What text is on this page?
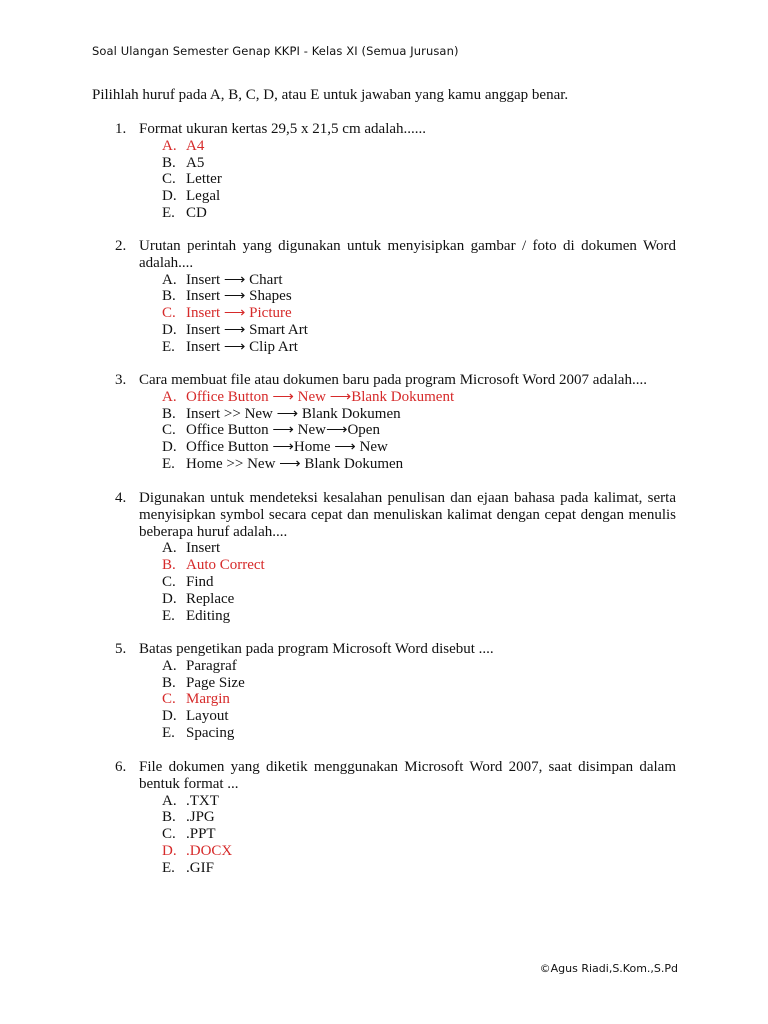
Soal Ulangan Semester Genap KKPI - Kelas XI (Semua Jurusan)
Pilihlah huruf pada A, B, C, D, atau E untuk jawaban yang kamu anggap benar.
1. Format ukuran kertas 29,5 x 21,5 cm adalah......
A. A4
B. A5
C. Letter
D. Legal
E. CD
2. Urutan perintah yang digunakan untuk menyisipkan gambar / foto di dokumen Word adalah....
A. Insert ⟶ Chart
B. Insert ⟶ Shapes
C. Insert ⟶ Picture
D. Insert ⟶ Smart Art
E. Insert ⟶ Clip Art
3. Cara membuat file atau dokumen baru pada program Microsoft Word 2007 adalah....
A. Office Button ⟶ New ⟶Blank Dokument
B. Insert >> New ⟶ Blank Dokumen
C. Office Button ⟶ New⟶Open
D. Office Button ⟶Home ⟶ New
E. Home >> New ⟶ Blank Dokumen
4. Digunakan untuk mendeteksi kesalahan penulisan dan ejaan bahasa pada kalimat, serta menyisipkan symbol secara cepat dan menuliskan kalimat dengan cepat dengan menulis beberapa huruf adalah....
A. Insert
B. Auto Correct
C. Find
D. Replace
E. Editing
5. Batas pengetikan pada program Microsoft Word disebut ....
A. Paragraf
B. Page Size
C. Margin
D. Layout
E. Spacing
6. File dokumen yang diketik menggunakan Microsoft Word 2007, saat disimpan dalam bentuk format ...
A. .TXT
B. .JPG
C. .PPT
D. .DOCX
E. .GIF
©Agus Riadi,S.Kom.,S.Pd
